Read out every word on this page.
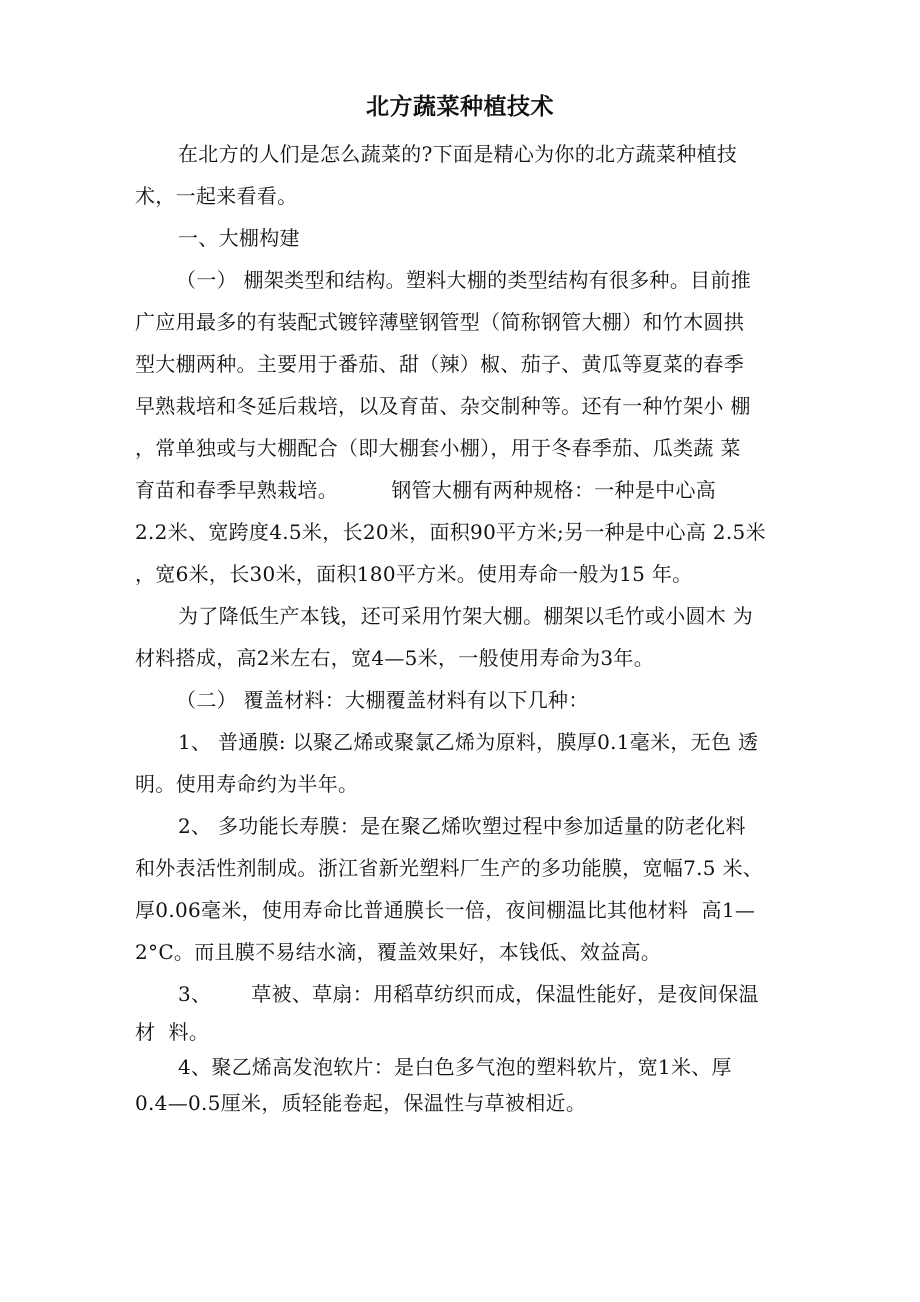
北方蔬菜种植技术
在北方的人们是怎么蔬菜的?下面是精心为你的北方蔬菜种植技
术，一起来看看。
一、大棚构建
（一） 棚架类型和结构。塑料大棚的类型结构有很多种。目前推
广应用最多的有装配式镀锌薄壁钢管型（简称钢管大棚）和竹木圆拱
型大棚两种。主要用于番茄、甜（辣）椒、茄子、黄瓜等夏菜的春季
早熟栽培和冬延后栽培，以及育苗、杂交制种等。还有一种竹架小 棚
，常单独或与大棚配合（即大棚套小棚），用于冬春季茄、瓜类蔬 菜
育苗和春季早熟栽培。        钢管大棚有两种规格：一种是中心高
2.2米、宽跨度4.5米，长20米，面积90平方米;另一种是中心高 2.5米
，宽6米，长30米，面积180平方米。使用寿命一般为15 年。
为了降低生产本钱，还可采用竹架大棚。棚架以毛竹或小圆木 为
材料搭成，高2米左右，宽4—5米，一般使用寿命为3年。
（二） 覆盖材料：大棚覆盖材料有以下几种：
1、 普通膜: 以聚乙烯或聚氯乙烯为原料，膜厚0.1毫米，无色 透
明。使用寿命约为半年。
2、 多功能长寿膜：是在聚乙烯吹塑过程中参加适量的防老化料
和外表活性剂制成。浙江省新光塑料厂生产的多功能膜，宽幅7.5 米、
厚0.06毫米，使用寿命比普通膜长一倍，夜间棚温比其他材料  高1—
2°C。而且膜不易结水滴，覆盖效果好，本钱低、效益高。
3、      草被、草扇：用稻草纺织而成，保温性能好，是夜间保温
材  料。
4、聚乙烯高发泡软片：是白色多气泡的塑料软片，宽1米、厚
0.4—0.5厘米，质轻能卷起，保温性与草被相近。
